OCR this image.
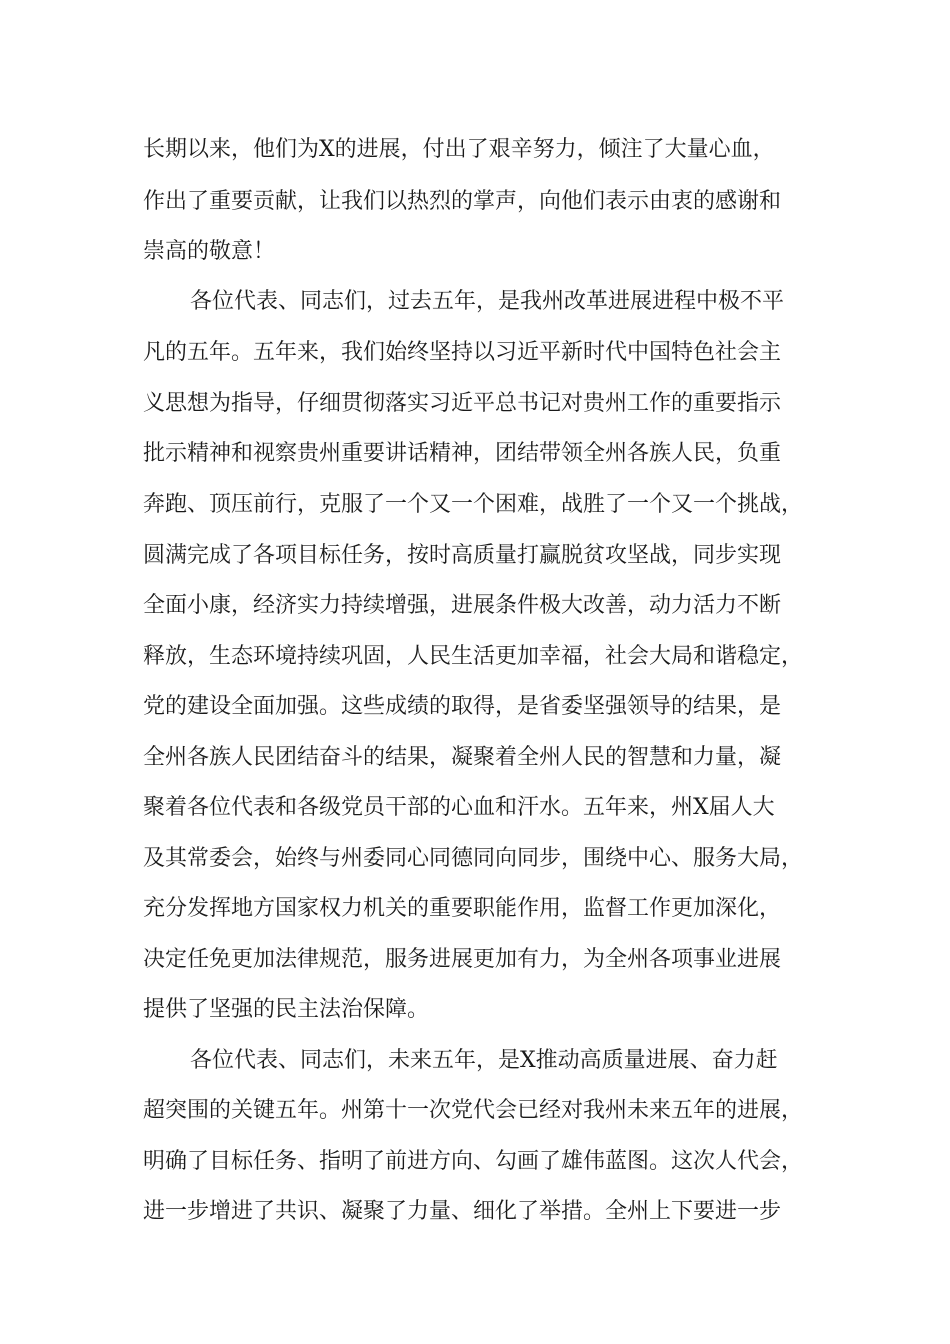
长期以来，他们为X的进展，付出了艰辛努力，倾注了大量心血，

作出了重要贡献，让我们以热烈的掌声，向他们表示由衷的感谢和

崇高的敬意！

各位代表、同志们，过去五年，是我州改革进展进程中极不平

凡的五年。五年来，我们始终坚持以习近平新时代中国特色社会主

义思想为指导，仔细贯彻落实习近平总书记对贵州工作的重要指示

批示精神和视察贵州重要讲话精神，团结带领全州各族人民，负重

奔跑、顶压前行，克服了一个又一个困难，战胜了一个又一个挑战，

圆满完成了各项目标任务，按时高质量打赢脱贫攻坚战，同步实现

全面小康，经济实力持续增强，进展条件极大改善，动力活力不断

释放，生态环境持续巩固，人民生活更加幸福，社会大局和谐稳定，

党的建设全面加强。这些成绩的取得，是省委坚强领导的结果，是

全州各族人民团结奋斗的结果，凝聚着全州人民的智慧和力量，凝

聚着各位代表和各级党员干部的心血和汗水。五年来，州X届人大

及其常委会，始终与州委同心同德同向同步，围绕中心、服务大局，

充分发挥地方国家权力机关的重要职能作用，监督工作更加深化，

决定任免更加法律规范，服务进展更加有力，为全州各项事业进展

提供了坚强的民主法治保障。

各位代表、同志们，未来五年，是X推动高质量进展、奋力赶

超突围的关键五年。州第十一次党代会已经对我州未来五年的进展，

明确了目标任务、指明了前进方向、勾画了雄伟蓝图。这次人代会，

进一步增进了共识、凝聚了力量、细化了举措。全州上下要进一步
